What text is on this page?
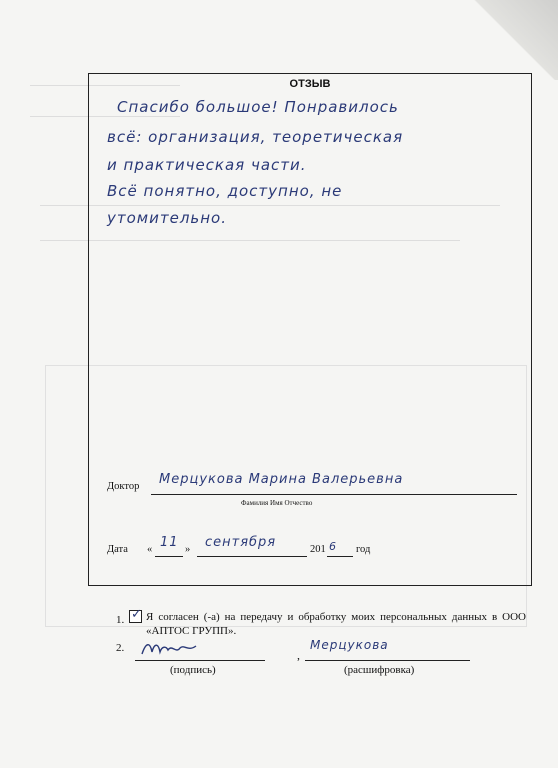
ОТЗЫВ
Спасибо большое! Понравилось
всё: организация, теоретическая
и практическая части.
Всё понятно, доступно, не
утомительно.
Доктор Мерцукова Марина Валерьевна
Фамилия Имя Отчество
Дата « 11 » сентября	201 6 год
1. ✓ Я согласен (-а) на передачу и обработку моих персональных данных в ООО «АПТОС ГРУПП».
2.
(подпись)
,
Мерцукова
(расшифровка)
